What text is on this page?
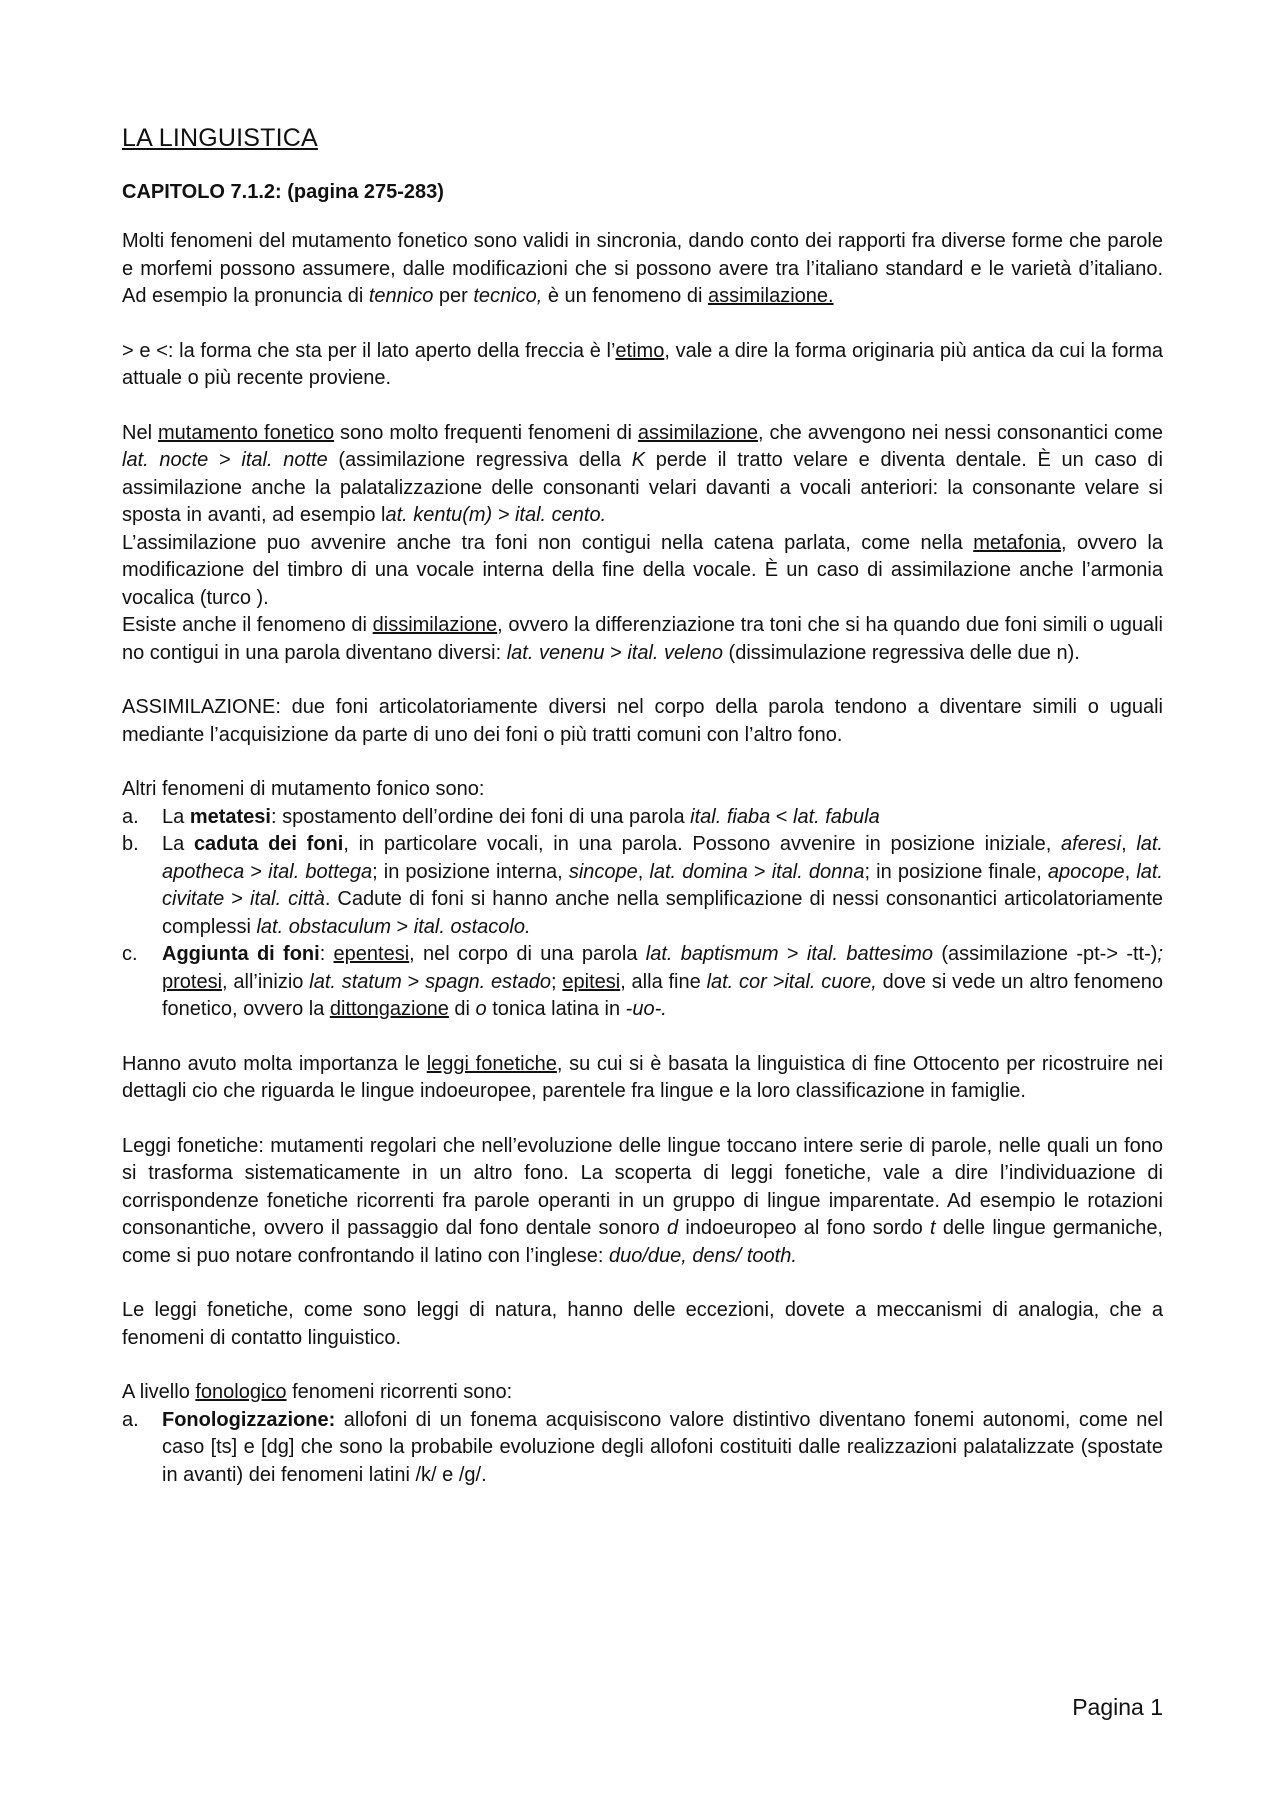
LA LINGUISTICA
CAPITOLO 7.1.2: (pagina 275-283)

Molti fenomeni del mutamento fonetico sono validi in sincronia, dando conto dei rapporti fra diverse forme che parole e morfemi possono assumere, dalle modificazioni che si possono avere tra l’italiano standard e le varietà d’italiano. Ad esempio la pronuncia di tennico per tecnico, è un fenomeno di assimilazione.

> e <: la forma che sta per il lato aperto della freccia è l’etimo, vale a dire la forma originaria più antica da cui la forma attuale o più recente proviene.

Nel mutamento fonetico sono molto frequenti fenomeni di assimilazione, che avvengono nei nessi consonantici come lat. nocte > ital. notte (assimilazione regressiva della K perde il tratto velare e diventa dentale. È un caso di assimilazione anche la palatalizzazione delle consonanti velari davanti a vocali anteriori: la consonante velare si sposta in avanti, ad esempio lat. kentu(m) > ital. cento.

L’assimilazione puo avvenire anche tra foni non contigui nella catena parlata, come nella metafonia, ovvero la modificazione del timbro di una vocale interna della fine della vocale. È un caso di assimilazione anche l’armonia vocalica (turco ).

Esiste anche il fenomeno di dissimilazione, ovvero la differenziazione tra toni che si ha quando due foni simili o uguali no contigui in una parola diventano diversi: lat. venenu > ital. veleno (dissimulazione regressiva delle due n).

ASSIMILAZIONE: due foni articolatoriamente diversi nel corpo della parola tendono a diventare simili o uguali mediante l’acquisizione da parte di uno dei foni o più tratti comuni con l’altro fono.

Altri fenomeni di mutamento fonico sono:

a. La metatesi: spostamento dell’ordine dei foni di una parola ital. fiaba < lat. fabula
b. La caduta dei foni, in particolare vocali, in una parola. Possono avvenire in posizione iniziale, aferesi, lat. apotheca > ital. bottega; in posizione interna, sincope, lat. domina > ital. donna; in posizione finale, apocope, lat. civitate > ital. città. Cadute di foni si hanno anche nella semplificazione di nessi consonantici articolatoriamente complessi lat. obstaculum > ital. ostacolo.
c. Aggiunta di foni: epentesi, nel corpo di una parola lat. baptismum > ital. battesimo (assimilazione -pt-> -tt-); protesi, all’inizio lat. statum > spagn. estado; epitesi, alla fine lat. cor >ital. cuore, dove si vede un altro fenomeno fonetico, ovvero la dittongazione di o tonica latina in -uo-.

Hanno avuto molta importanza le leggi fonetiche, su cui si è basata la linguistica di fine Ottocento per ricostruire nei dettagli cio che riguarda le lingue indoeuropee, parentele fra lingue e la loro classificazione in famiglie.

Leggi fonetiche: mutamenti regolari che nell’evoluzione delle lingue toccano intere serie di parole, nelle quali un fono si trasforma sistematicamente in un altro fono. La scoperta di leggi fonetiche, vale a dire l’individuazione di corrispondenze fonetiche ricorrenti fra parole operanti in un gruppo di lingue imparentate. Ad esempio le rotazioni consonantiche, ovvero il passaggio dal fono dentale sonoro d indoeuropeo al fono sordo t delle lingue germaniche, come si puo notare confrontando il latino con l’inglese: duo/due, dens/ tooth.

Le leggi fonetiche, come sono leggi di natura, hanno delle eccezioni, dovete a meccanismi di analogia, che a fenomeni di contatto linguistico.

A livello fonologico fenomeni ricorrenti sono:

a. Fonologizzazione: allofoni di un fonema acquisiscono valore distintivo diventano fonemi autonomi, come nel caso [ts] e [dg] che sono la probabile evoluzione degli allofoni costituiti dalle realizzazioni palatalizzate (spostate in avanti) dei fenomeni latini /k/ e /g/.
Pagina 1
